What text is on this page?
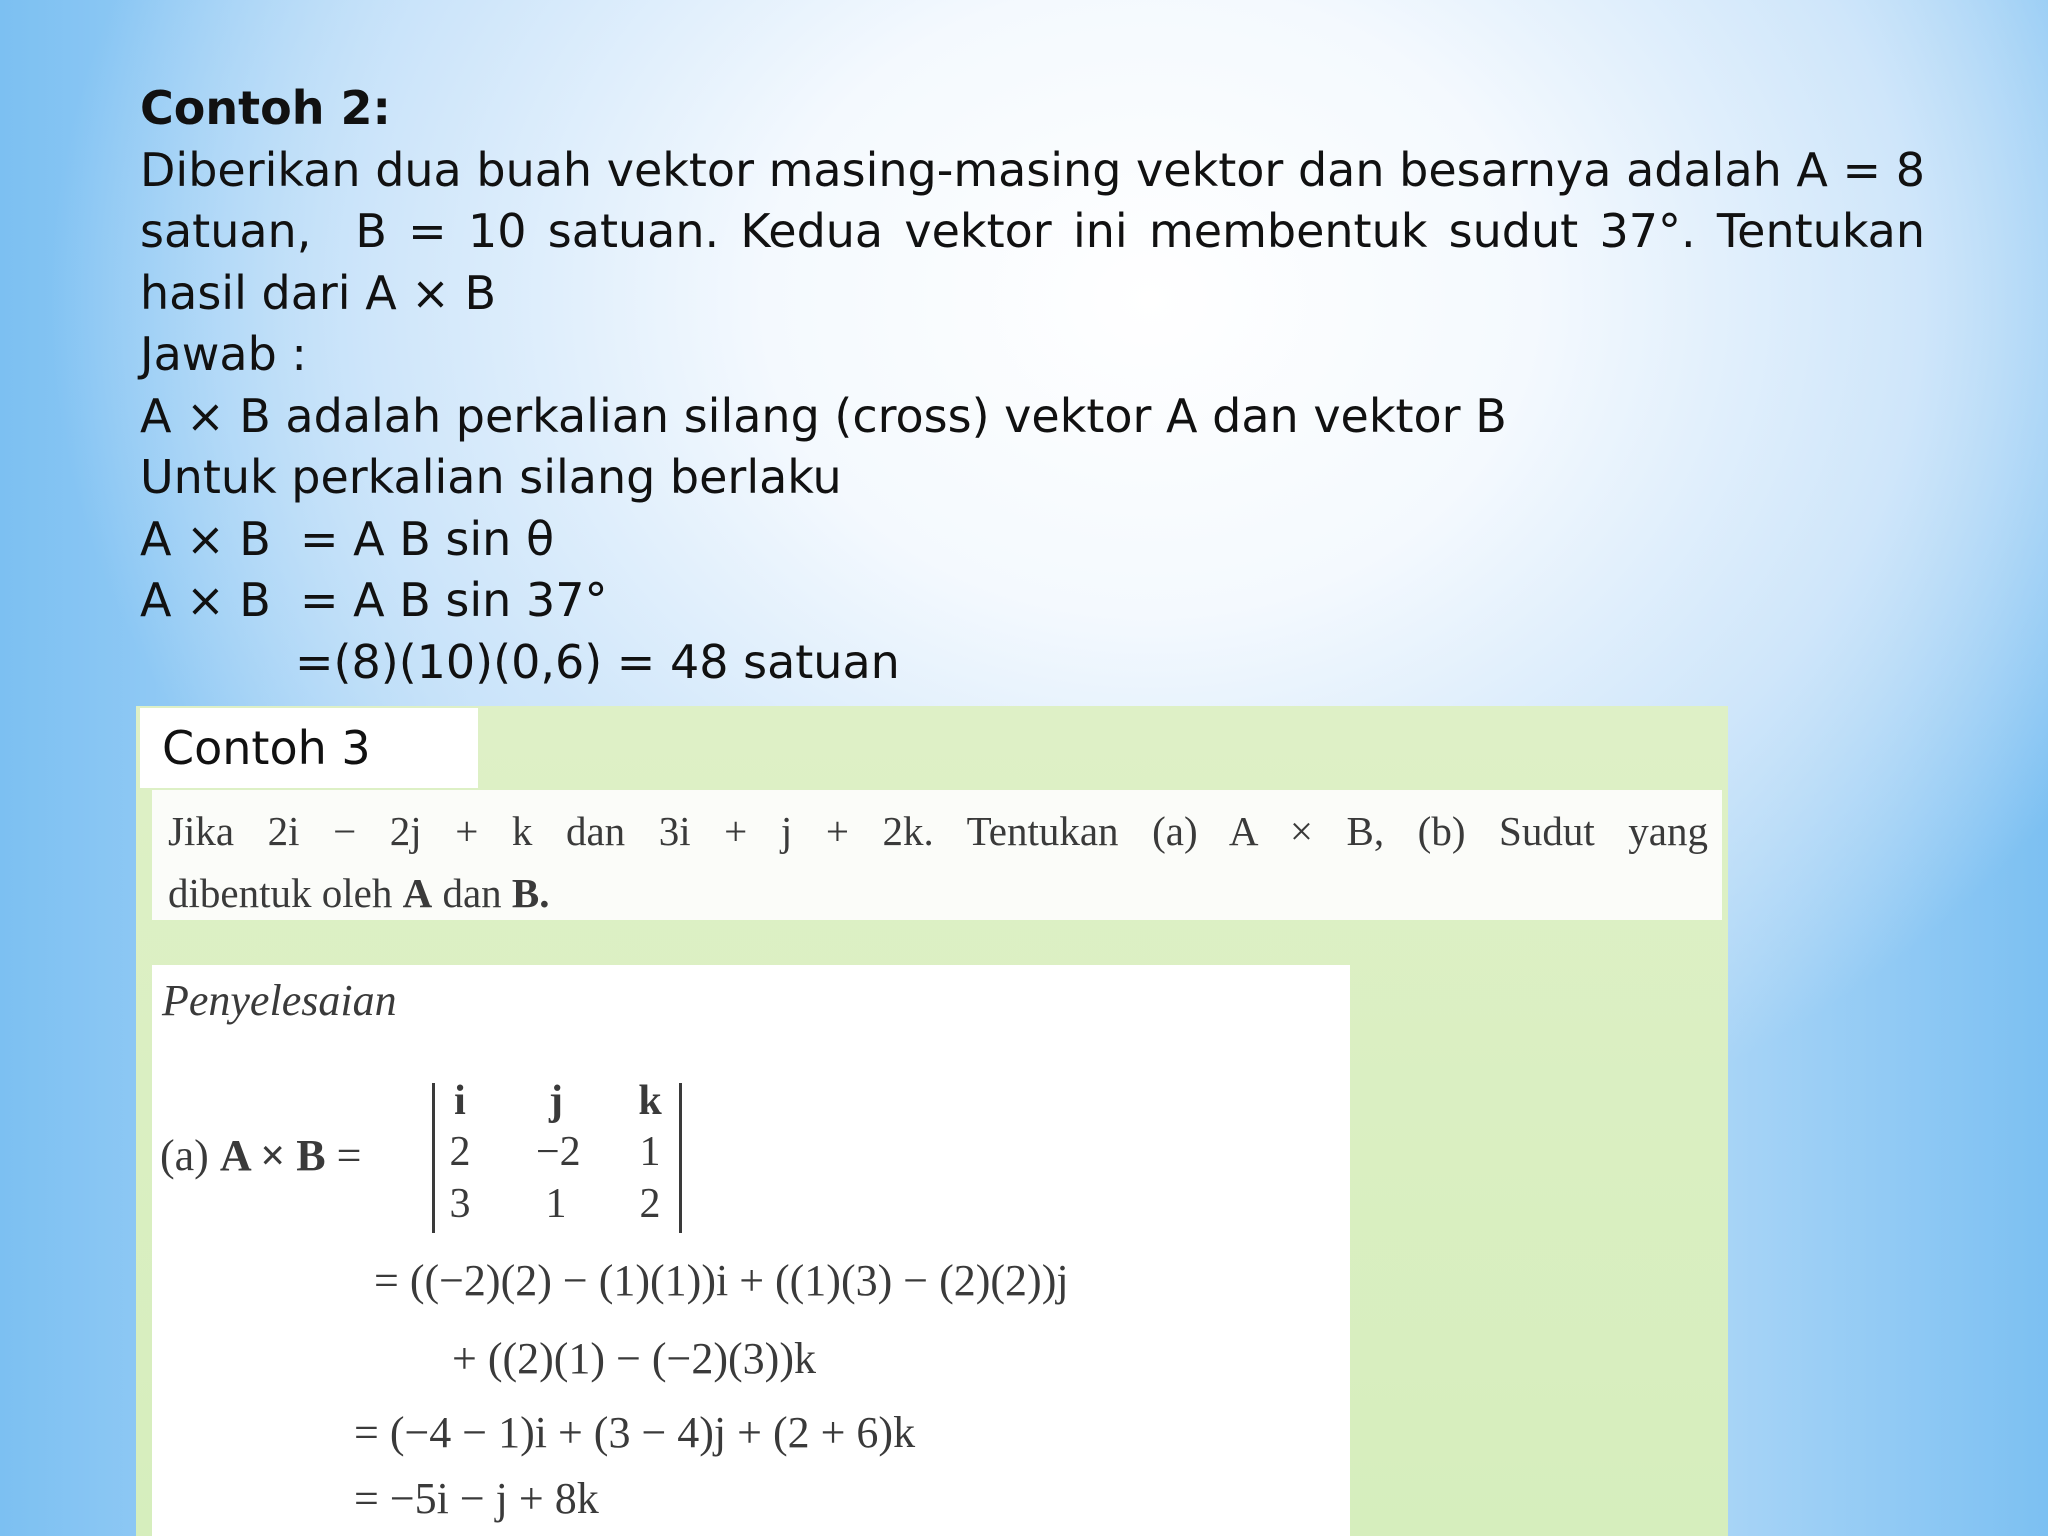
Contoh 2:
Diberikan dua buah vektor masing-masing vektor dan besarnya adalah A = 8
satuan, B = 10 satuan. Kedua vektor ini membentuk sudut 37°. Tentukan
hasil dari A × B
Jawab :
A × B adalah perkalian silang (cross) vektor A dan vektor B
Untuk perkalian silang berlaku
A × B = A B sin θ
A × B = A B sin 37°
=(8)(10)(0,6) = 48 satuan
Contoh 3
Jika 2i − 2j + k dan 3i + j + 2k. Tentukan (a) A × B, (b) Sudut yang
dibentuk oleh A dan B.
Penyelesaian
(a) A × B =
i	j	k
2 −2 1
3 1 2
= ((−2)(2) − (1)(1))i + ((1)(3) − (2)(2))j
+ ((2)(1) − (−2)(3))k
= (−4 − 1)i + (3 − 4)j + (2 + 6)k
= −5i − j + 8k
